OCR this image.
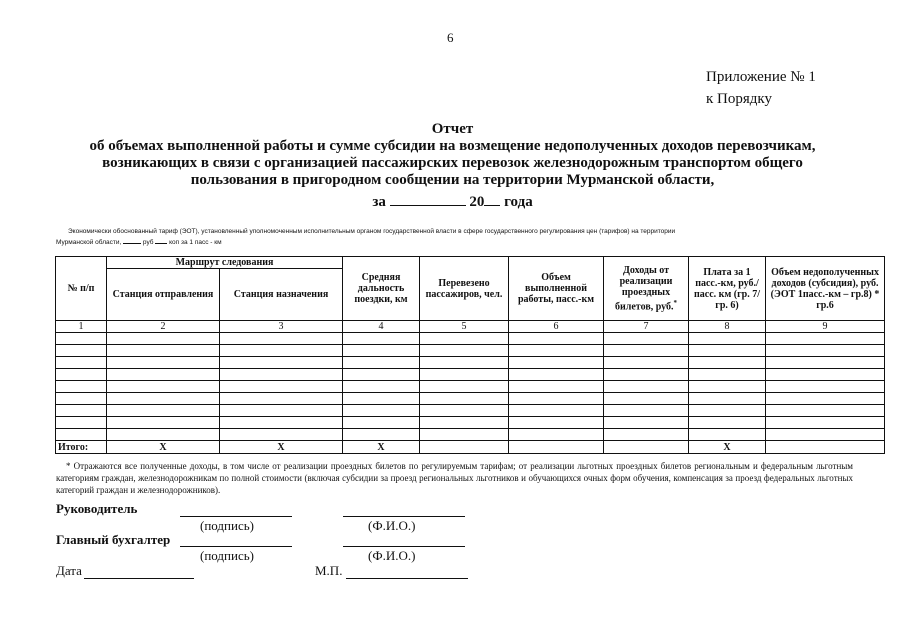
6
Приложение № 1
к Порядку
Отчет
об объемах выполненной работы и сумме субсидии на возмещение недополученных доходов перевозчикам,
возникающих в связи с организацией пассажирских перевозок железнодорожным транспортом общего
пользования в пригородном сообщении на территории Мурманской области,
за	20 года
Экономически обоснованный тариф (ЭОТ), установленный уполномоченным исполнительным органом государственной власти в сфере государственного регулирования цен (тарифов) на территории
Мурманской области,	руб коп за 1 пасс - км
№ п/п	Маршрут следования		Средняя дальность поездки, км	Перевезено пассажиров, чел.	Объем выполненной работы, пасс.-км	Доходы от реализации проездных билетов, руб.*	Плата за 1 пасс.-км, руб./ пасс. км (гр. 7/гр. 6)	Объем недополученных доходов (субсидия), руб. (ЭОТ 1пасс.-км – гр.8) * гр.6
	Станция отправления	Станция назначения						
1	2	3	4	5	6	7	8	9

Итого:	Х	Х	Х				Х	
* Отражаются все полученные доходы, в том числе от реализации проездных билетов по регулируемым тарифам; от реализации льготных проездных билетов региональным и федеральным льготным категориям граждан, железнодорожникам по полной стоимости (включая субсидии за проезд региональных льготников и обучающихся очных форм обучения, компенсация за проезд федеральных льготных категорий граждан и железнодорожников).
Руководитель
(подпись)	(Ф.И.О.)
Главный бухгалтер
(подпись)	(Ф.И.О.)
Дата	М.П.
